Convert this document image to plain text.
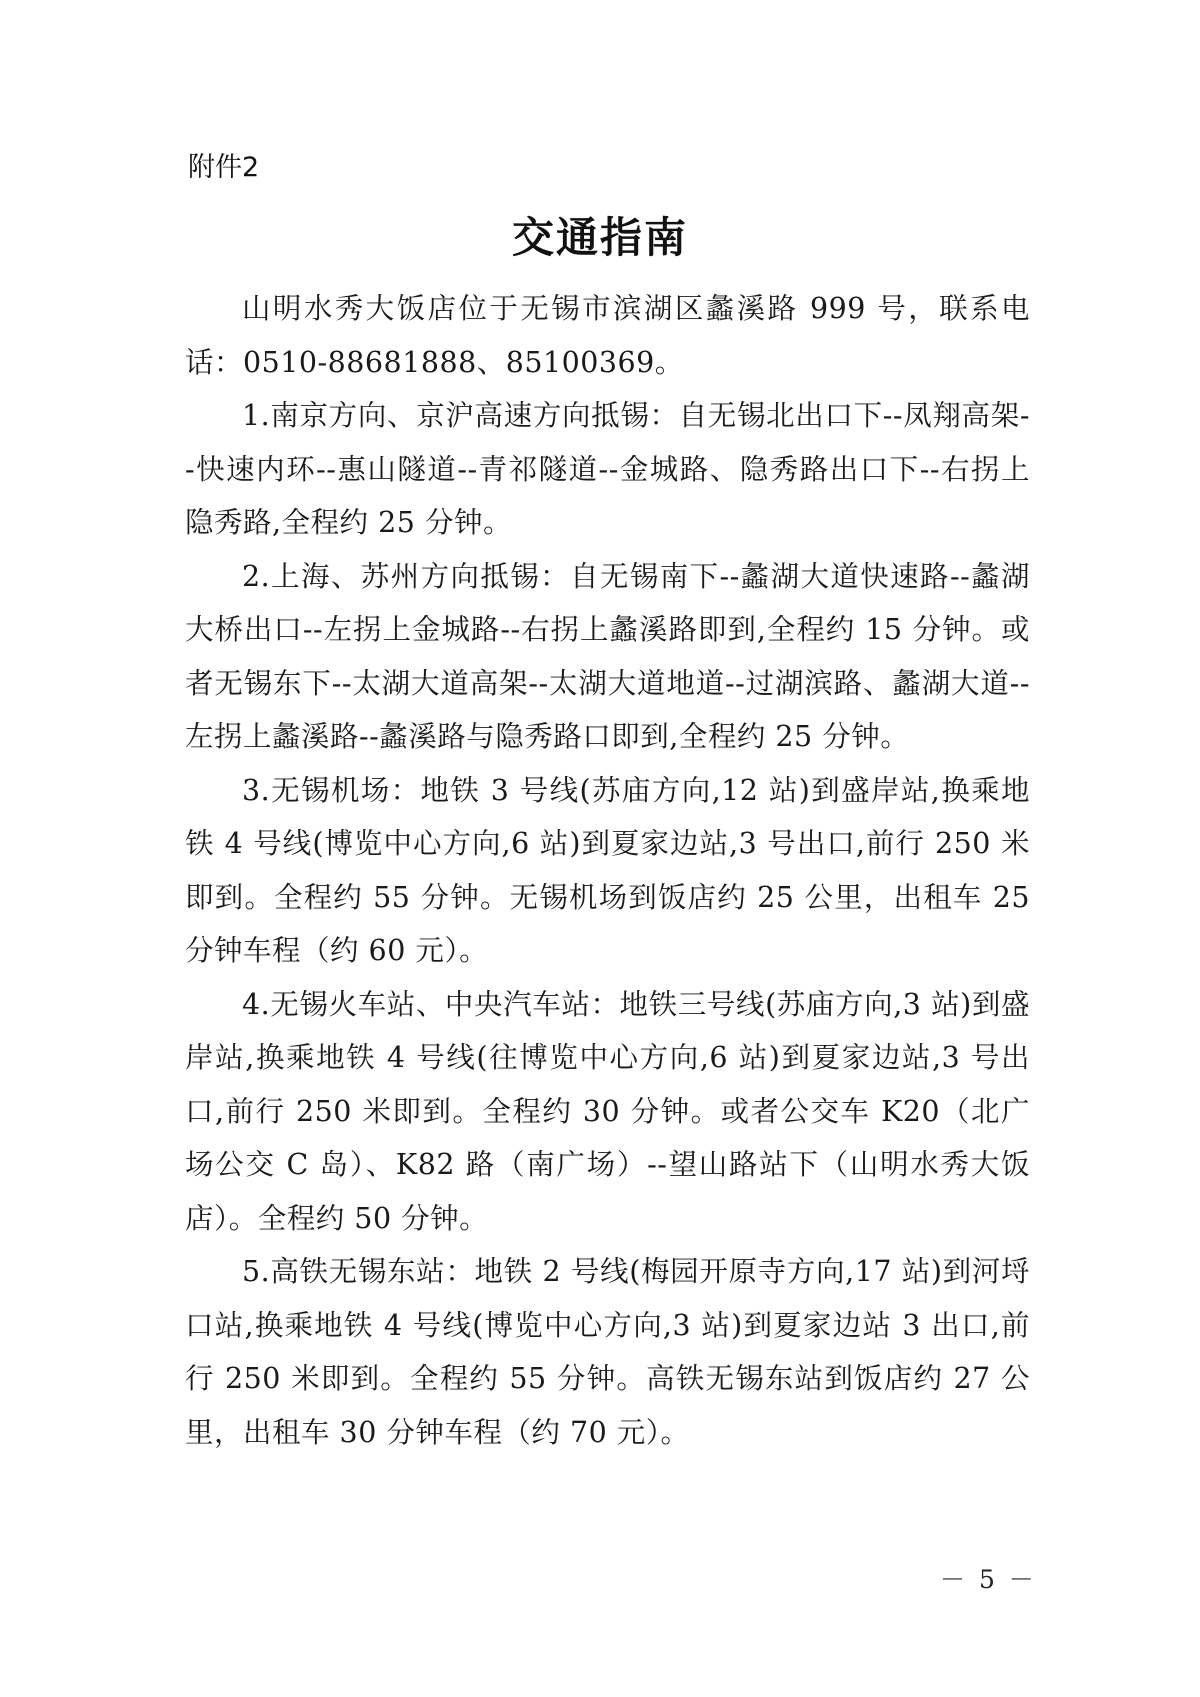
附件2
交通指南

山明水秀大饭店位于无锡市滨湖区蠡溪路 999 号，联系电话：0510-88681888、85100369。

1.南京方向、京沪高速方向抵锡：自无锡北出口下--凤翔高架--快速内环--惠山隧道--青祁隧道--金城路、隐秀路出口下--右拐上隐秀路,全程约 25 分钟。

2.上海、苏州方向抵锡：自无锡南下--蠡湖大道快速路--蠡湖大桥出口--左拐上金城路--右拐上蠡溪路即到,全程约 15 分钟。或者无锡东下--太湖大道高架--太湖大道地道--过湖滨路、蠡湖大道--左拐上蠡溪路--蠡溪路与隐秀路口即到,全程约 25 分钟。

3.无锡机场：地铁 3 号线(苏庙方向,12 站)到盛岸站,换乘地铁 4 号线(博览中心方向,6 站)到夏家边站,3 号出口,前行 250 米即到。全程约 55 分钟。无锡机场到饭店约 25 公里，出租车 25 分钟车程（约 60 元）。

4.无锡火车站、中央汽车站：地铁三号线(苏庙方向,3 站)到盛岸站,换乘地铁 4 号线(往博览中心方向,6 站)到夏家边站,3 号出口,前行 250 米即到。全程约 30 分钟。或者公交车 K20（北广场公交 C 岛）、K82 路（南广场）--望山路站下（山明水秀大饭店）。全程约 50 分钟。

5.高铁无锡东站：地铁 2 号线(梅园开原寺方向,17 站)到河埒口站,换乘地铁 4 号线(博览中心方向,3 站)到夏家边站 3 出口,前行 250 米即到。全程约 55 分钟。高铁无锡东站到饭店约 27 公里，出租车 30 分钟车程（约 70 元）。

－ 5 －
